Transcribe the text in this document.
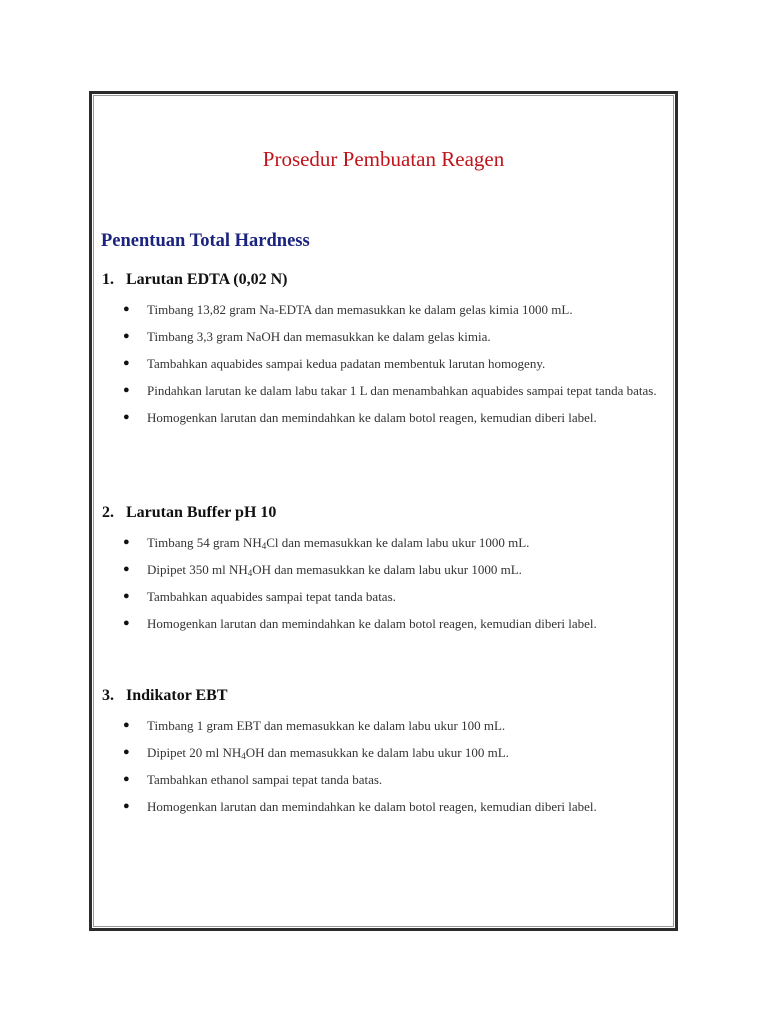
Prosedur Pembuatan Reagen
Penentuan Total Hardness
1. Larutan EDTA (0,02 N)
● Timbang 13,82 gram Na-EDTA dan memasukkan ke dalam gelas kimia 1000 mL.
● Timbang 3,3 gram NaOH dan memasukkan ke dalam gelas kimia.
● Tambahkan aquabides sampai kedua padatan membentuk larutan homogeny.
● Pindahkan larutan ke dalam labu takar 1 L dan menambahkan aquabides sampai tepat tanda batas.
● Homogenkan larutan dan memindahkan ke dalam botol reagen, kemudian diberi label.
2. Larutan Buffer pH 10
● Timbang 54 gram $NH_4Cl$ dan memasukkan ke dalam labu ukur 1000 mL.
● Dipipet 350 ml $NH_4OH$ dan memasukkan ke dalam labu ukur 1000 mL.
● Tambahkan aquabides sampai tepat tanda batas.
● Homogenkan larutan dan memindahkan ke dalam botol reagen, kemudian diberi label.
3. Indikator EBT
● Timbang 1 gram EBT dan memasukkan ke dalam labu ukur 100 mL.
● Dipipet 20 ml $NH_4OH$ dan memasukkan ke dalam labu ukur 100 mL.
● Tambahkan ethanol sampai tepat tanda batas.
● Homogenkan larutan dan memindahkan ke dalam botol reagen, kemudian diberi label.
